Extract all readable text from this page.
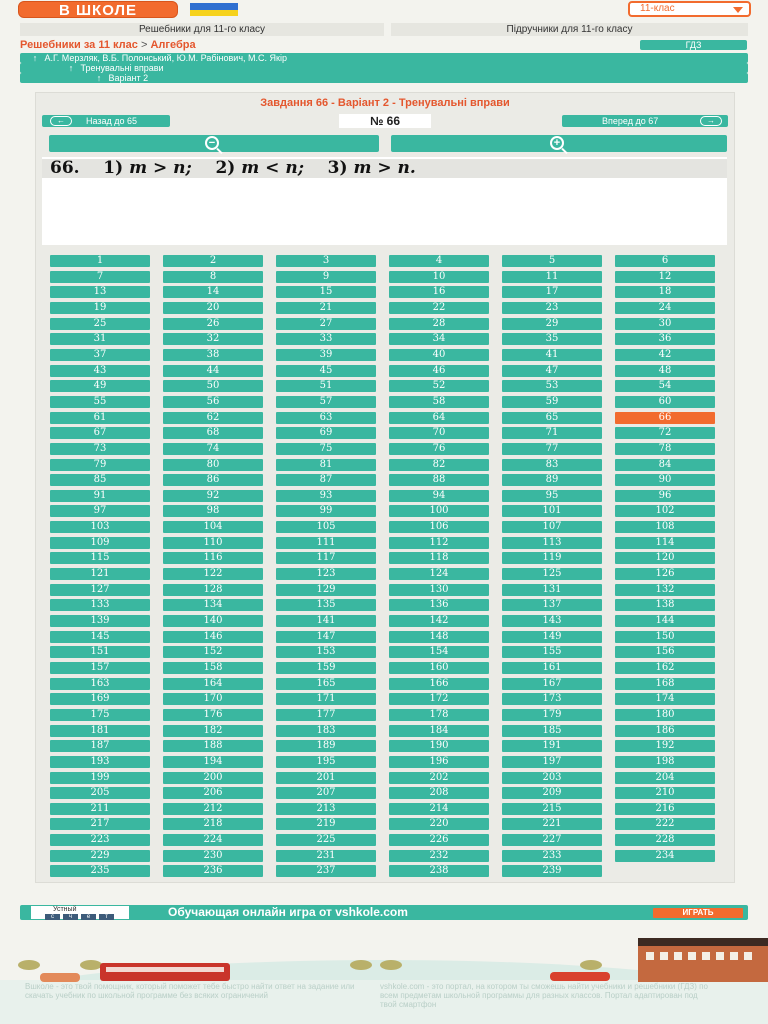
В ШКОЛЕ	11-клас
Решебники для 11-го класу	Підручники для 11-го класу
Решебники за 11 клас > Алгебра	ГДЗ
↑ А.Г. Мерзляк, В.Б. Полонський, Ю.М. Рабінович, М.С. Якір
↑ Тренувальні вправи
↑ Варіант 2
Завдання 66 - Варіант 2 - Тренувальні вправи
←	Назад до 65	№ 66	Вперед до 67	→
−	+
66. 1) m > n; 2) m < n; 3) m > n.
1	2	3	4	5	6
7	8	9	10	11	12
13	14	15	16	17	18
19	20	21	22	23	24
25	26	27	28	29	30
31	32	33	34	35	36
37	38	39	40	41	42
43	44	45	46	47	48
49	50	51	52	53	54
55	56	57	58	59	60
61	62	63	64	65	66
67	68	69	70	71	72
73	74	75	76	77	78
79	80	81	82	83	84
85	86	87	88	89	90
91	92	93	94	95	96
97	98	99	100	101	102
103	104	105	106	107	108
109	110	111	112	113	114
115	116	117	118	119	120
121	122	123	124	125	126
127	128	129	130	131	132
133	134	135	136	137	138
139	140	141	142	143	144
145	146	147	148	149	150
151	152	153	154	155	156
157	158	159	160	161	162
163	164	165	166	167	168
169	170	171	172	173	174
175	176	177	178	179	180
181	182	183	184	185	186
187	188	189	190	191	192
193	194	195	196	197	198
199	200	201	202	203	204
205	206	207	208	209	210
211	212	213	214	215	216
217	218	219	220	221	222
223	224	225	226	227	228
229	230	231	232	233	234
235	236	237	238	239
Устный
с ч е т	Обучающая онлайн игра от vshkole.com	ИГРАТЬ
Вшколе - это твой помощник, который поможет тебе быстро найти ответ на задание или скачать учебник по школьной программе без всяких ограничений
vshkole.com - это портал, на котором ты сможешь найти учебники и решебники (ГДЗ) по всем предметам школьной программы для разных классов. Портал адаптирован под твой смартфон
